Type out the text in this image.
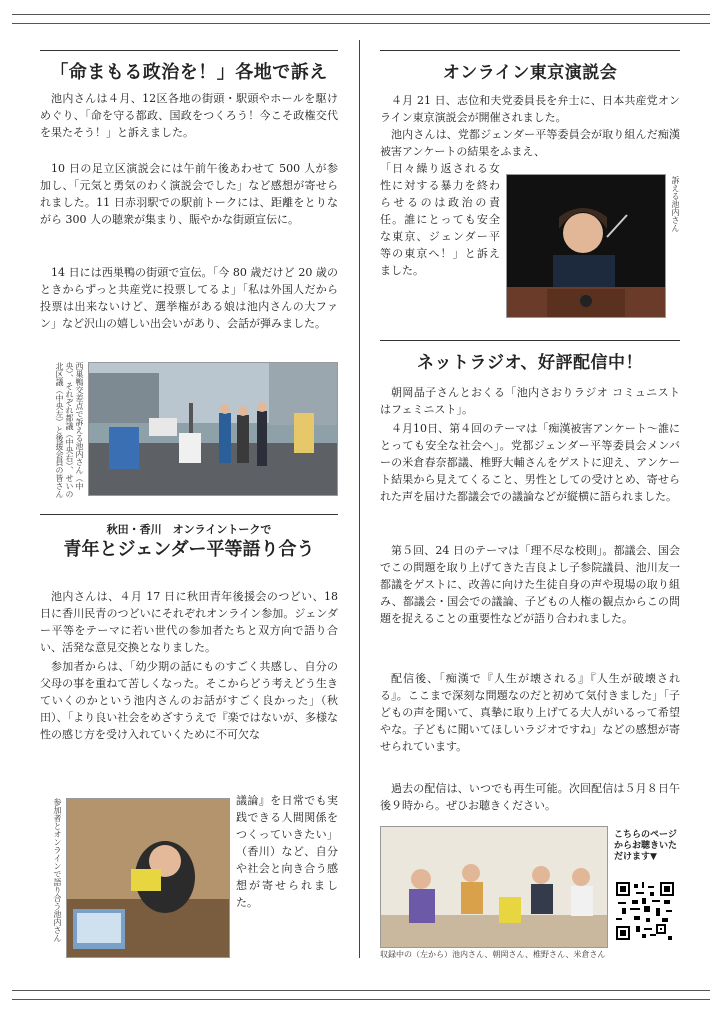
「命まもる政治を！」各地で訴え

池内さんは４月、12区各地の街頭・駅頭やホールを駆けめぐり、「命を守る都政、国政をつくろう！今こそ政権交代を果たそう！」と訴えました。

10 日の足立区演説会には午前午後あわせて 500 人が参加し、「元気と勇気のわく演説会でした」など感想が寄せられました。11 日赤羽駅での駅前トークには、距離をとりながら 300 人の聴衆が集まり、賑やかな街頭宣伝に。

14 日には西巣鴨の街頭で宣伝。「今 80 歳だけど 20 歳のときからずっと共産党に投票してるよ」「私は外国人だから投票は出来ないけど、選挙権がある娘は池内さんの大ファン」など沢山の嬉しい出会いがあり、会話が弾みました。

西巣鴨交差点で訴える池内さん（中央）、それぞれ都議（中央右）、せいの北区議（中央左）と後援会員の皆さん
秋田・香川　オンライントークで
青年とジェンダー平等語り合う

池内さんは、４月 17 日に秋田青年後援会のつどい、18 日に香川民青のつどいにそれぞれオンライン参加。ジェンダー平等をテーマに若い世代の参加者たちと双方向で語り合い、活発な意見交換となりました。

参加者からは、「幼少期の話にものすごく共感し、自分の父母の事を重ねて苦しくなった。そこからどう考えどう生きていくのかという池内さんのお話がすごく良かった」（秋田）、「より良い社会をめざすうえで『楽ではないが、多様な性の感じ方を受け入れていくために不可欠な

議論』を日常でも実践できる人間関係をつくっていきたい」（香川）など、自分や社会と向き合う感想が寄せられました。

参加者とオンラインで語り合う池内さん
オンライン東京演説会

４月 21 日、志位和夫党委員長を弁士に、日本共産党オンライン東京演説会が開催されました。

池内さんは、党都ジェンダー平等委員会が取り組んだ痴漢被害アンケートの結果をふまえ、

「日々繰り返される女性に対する暴力を終わらせるのは政治の責任。誰にとっても安全な東京、ジェンダー平等の東京へ！」と訴えました。

訴える池内さん
ネットラジオ、好評配信中！

朝岡晶子さんとおくる「池内さおりラジオ コミュニストはフェミニスト」。

４月10日、第４回のテーマは「痴漢被害アンケート～誰にとっても安全な社会へ」。党都ジェンダー平等委員会メンバーの米倉春奈都議、椎野大輔さんをゲストに迎え、アンケート結果から見えてくること、男性としての受けとめ、寄せられた声を届けた都議会での議論などが縦横に語られました。

第５回、24 日のテーマは「理不尽な校則」。都議会、国会でこの問題を取り上げてきた吉良よし子参院議員、池川友一都議をゲストに、改善に向けた生徒自身の声や現場の取り組み、都議会・国会での議論、子どもの人権の観点からこの問題を捉えることの重要性などが語り合われました。

配信後、「痴漢で『人生が壊される』『人生が破壊される』。ここまで深刻な問題なのだと初めて気付きました」「子どもの声を聞いて、真摯に取り上げてる大人がいるって希望やな。子どもに聞いてほしいラジオですね」などの感想が寄せられています。

過去の配信は、いつでも再生可能。次回配信は５月８日午後９時から。ぜひお聴きください。

収録中の（左から）池内さん、朝岡さん、椎野さん、米倉さん
こちらのページからお聴きいただけます▼
